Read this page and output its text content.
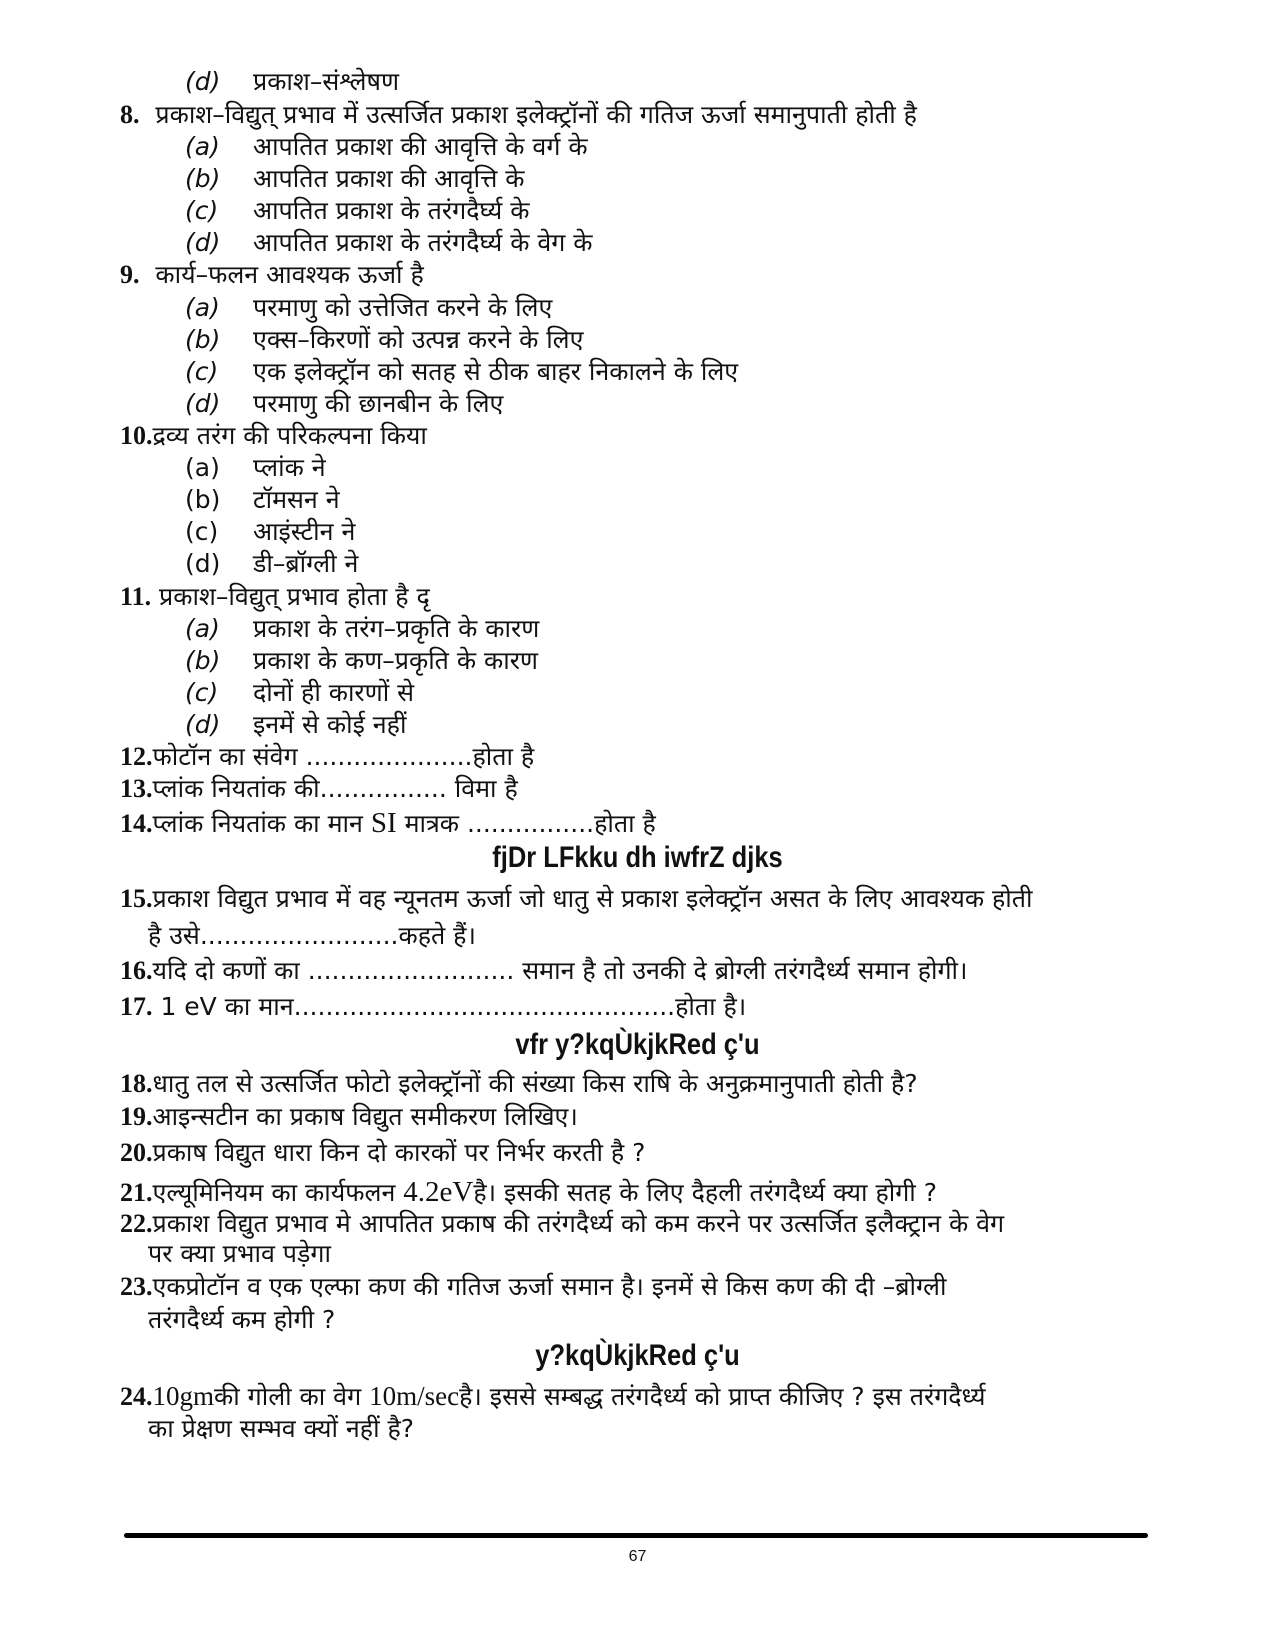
(d) प्रकाश–संश्लेषण
8. प्रकाश–विद्युत् प्रभाव में उत्सर्जित प्रकाश इलेक्ट्रॉनों की गतिज ऊर्जा समानुपाती होती है
(a) आपतित प्रकाश की आवृत्ति के वर्ग के
(b) आपतित प्रकाश की आवृत्ति के
(c) आपतित प्रकाश के तरंगदैर्घ्य के
(d) आपतित प्रकाश के तरंगदैर्घ्य के वेग के
9. कार्य–फलन आवश्यक ऊर्जा है
(a) परमाणु को उत्तेजित करने के लिए
(b) एक्स–किरणों को उत्पन्न करने के लिए
(c) एक इलेक्ट्रॉन को सतह से ठीक बाहर निकालने के लिए
(d) परमाणु की छानबीन के लिए
10.द्रव्य तरंग की परिकल्पना किया
(a) प्लांक ने
(b) टॉमसन ने
(c) आइंस्टीन ने
(d) डी–ब्रॉग्ली ने
11. प्रकाश–विद्युत् प्रभाव होता है दृ
(a) प्रकाश के तरंग–प्रकृति के कारण
(b) प्रकाश के कण–प्रकृति के कारण
(c) दोनों ही कारणों से
(d) इनमें से कोई नहीं
12.फोटॉन का संवेग .....................होता है
13.प्लांक नियतांक की................ विमा है
14.प्लांक नियतांक का मान SI मात्रक ................होता है
fjDr LFkku dh iwfrZ djks
15.प्रकाश विद्युत प्रभाव में वह न्यूनतम ऊर्जा जो धातु से प्रकाश इलेक्ट्रॉन असत के लिए आवश्यक होती
है उसे.........................कहते हैं।
16.यदि दो कणों का .......................... समान है तो उनकी दे ब्रोग्ली तरंगदैर्ध्य समान होगी।
17. 1 eV का मान................................................होता है।
vfr y?kqÙkjkRed ç'u
18.धातु तल से उत्सर्जित फोटो इलेक्ट्रॉनों की संख्या किस राषि के अनुक्रमानुपाती होती है?
19.आइन्सटीन का प्रकाष विद्युत समीकरण लिखिए।
20.प्रकाष विद्युत धारा किन दो कारकों पर निर्भर करती है ?
21.एल्यूमिनियम का कार्यफलन 4.2eVहै। इसकी सतह के लिए दैहली तरंगदैर्ध्य क्या होगी ?
22.प्रकाश विद्युत प्रभाव मे आपतित प्रकाष की तरंगदैर्ध्य को कम करने पर उत्सर्जित इलैक्ट्रान के वेग
पर क्या प्रभाव पड़ेगा
23.एकप्रोटॉन व एक एल्फा कण की गतिज ऊर्जा समान है। इनमें से किस कण की दी –ब्रोग्ली
तरंगदैर्ध्य कम होगी ?
y?kqÙkjkRed ç'u
24.10gmकी गोली का वेग 10m/secहै। इससे सम्बद्ध तरंगदैर्ध्य को प्राप्त कीजिए ? इस तरंगदैर्ध्य
का प्रेक्षण सम्भव क्यों नहीं है?
67
